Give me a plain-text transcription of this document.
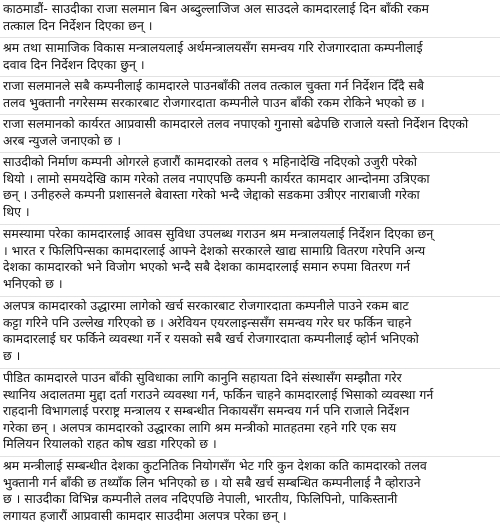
काठमाडौं- साउदीका राजा सलमान बिन अब्दुल्लाजिज अल साउदले कामदारलाई दिन बाँकी रकम
तत्काल दिन निर्देशन दिएका छन् ।

श्रम तथा सामाजिक विकास मन्त्रालयलाई अर्थमन्त्रालयसँग समन्वय गरि रोजगारदाता कम्पनीलाई
दवाव दिन निर्देशन दिएका छुन् ।

राजा सलमानले सबै कम्पनीलाई कामदारले पाउनबाँकी तलव तत्काल चुक्ता गर्न निर्देशन दिँदै सबै
तलव भुक्तानी नगरेसम्म सरकारबाट रोजगारदाता कम्पनीले पाउन बाँकी रकम रोकिने भएको छ ।

राजा सलमानको कार्यरत आप्रवासी कामदारले तलव नपाएको गुनासो बढेपछि राजाले यस्तो निर्देशन दिएको
अरब न्युजले जनाएको छ ।

साउदीको निर्माण कम्पनी ओगरले हजारौं कामदारको तलव ९ महिनादेखि नदिएको उजुरी परेको
थियो । लामो समयदेखि काम गरेको तलव नपाएपछि कम्पनी कार्यरत कामदार आन्दोनमा उत्रिएका
छन् । उनीहरुले कम्पनी प्रशासनले बेवास्ता गरेको भन्दै जेद्दाको सडकमा उत्रीएर नाराबाजी गरेका
थिए ।

समस्यामा परेका कामदारलाई आवस सुविधा उपलब्ध गराउन श्रम मन्त्रालयलाई निर्देशन दिएका छन्
। भारत र फिलिपिन्सका कामदारलाई आफ्ने देशको सरकारले खाद्य सामाग्रि वितरण गरेपनि अन्य
देशका कामदारको भने विजोग भएको भन्दै सबै देशका कामदारलाई समान रुपमा वितरण गर्न
भनिएको छ ।

अलपत्र कामदारको उद्धारमा लागेको खर्च सरकारबाट रोजगारदाता कम्पनीले पाउने रकम बाट
कट्टा गरिने पनि उल्लेख गरिएको छ । अरेवियन एयरलाइन्ससँग समन्वय गरेर घर फर्किन चाहने
कामदारलाई घर फर्किने व्यवस्था गर्ने र यसको सबै खर्च रोजगारदाता कम्पनीलाई व्होर्न भनिएको
छ ।

पीडित कामदारले पाउन बाँकी सुविधाका लागि कानुनि सहायता दिने संस्थासँग सम्झौता गरेर
स्थानिय अदालतमा मुद्दा दर्ता गराउने व्यवस्था गर्न, फर्किन चाहने कामदारलाई भिसाको व्यवस्था गर्न
राहदानी विभागलाई परराष्ट्र मन्त्रालय र सम्बन्धीत निकायसँग समन्वय गर्न पनि राजाले निर्देशन
गरेका छन् । अलपत्र कामदारको उद्धारका लागि श्रम मन्त्रीको मातहतमा रहने गरि एक सय
मिलियन रियालको राहत कोष खडा गरिएको छ ।

श्रम मन्त्रीलाई सम्बन्धीत देशका कुटनितिक नियोगसँग भेट गरि कुन देशका कति कामदारको तलव
भुक्तानी गर्न बाँकी छ तथ्याँक लिन भनिएको छ । यो सबै खर्च सम्बन्धित कम्पनीलाई नै व्होराउने
छ । साउदीका विभिन्न कम्पनीले तलव नदिएपछि नेपाली, भारतीय, फिलिपिनो, पाकिस्तानी
लगायत हजारौं आप्रवासी कामदार साउदीमा अलपत्र परेका छन् ।
